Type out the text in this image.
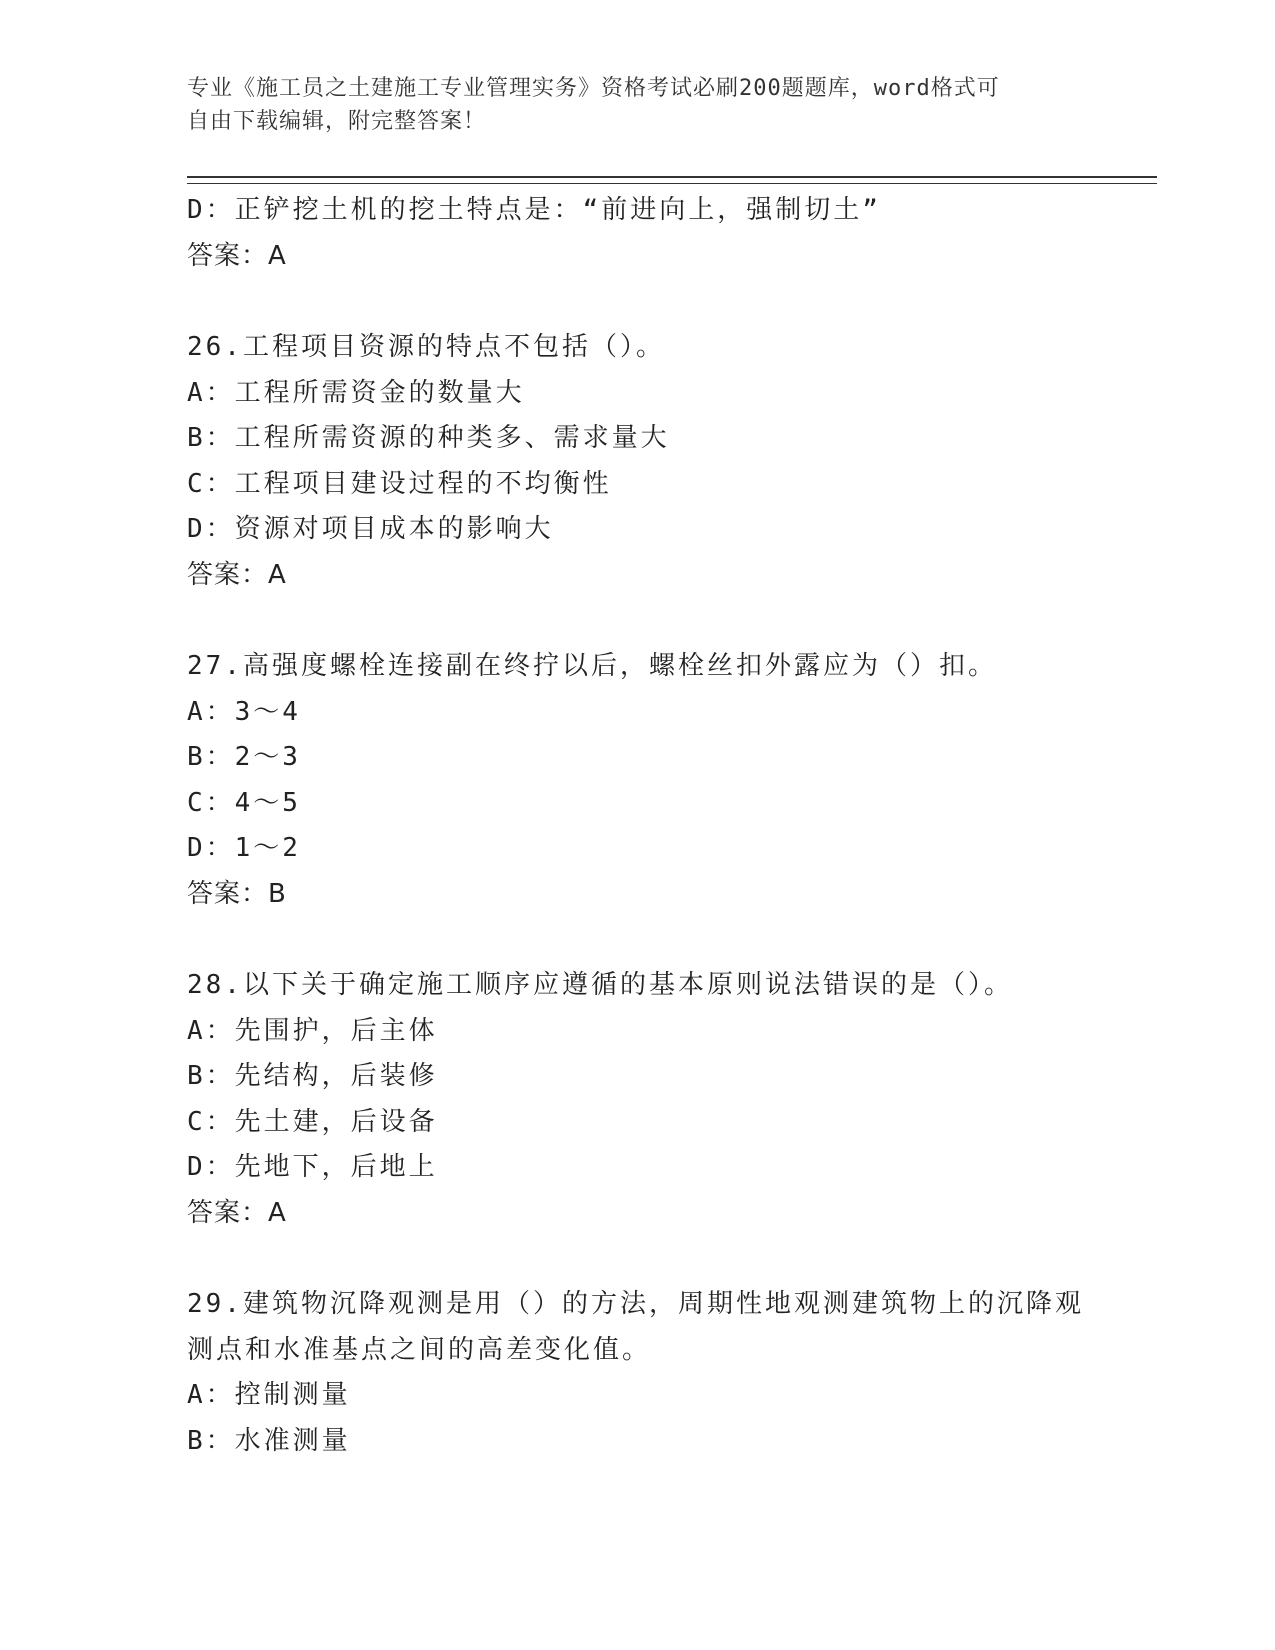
专业《施工员之土建施工专业管理实务》资格考试必刷200题题库，word格式可
自由下载编辑，附完整答案！
D：正铲挖土机的挖土特点是：“前进向上，强制切土”
答案：A
26.工程项目资源的特点不包括（）。
A：工程所需资金的数量大
B：工程所需资源的种类多、需求量大
C：工程项目建设过程的不均衡性
D：资源对项目成本的影响大
答案：A
27.高强度螺栓连接副在终拧以后，螺栓丝扣外露应为（）扣。
A：3～4
B：2～3
C：4～5
D：1～2
答案：B
28.以下关于确定施工顺序应遵循的基本原则说法错误的是（）。
A：先围护，后主体
B：先结构，后装修
C：先土建，后设备
D：先地下，后地上
答案：A
29.建筑物沉降观测是用（）的方法，周期性地观测建筑物上的沉降观
测点和水准基点之间的高差变化值。
A：控制测量
B：水准测量
